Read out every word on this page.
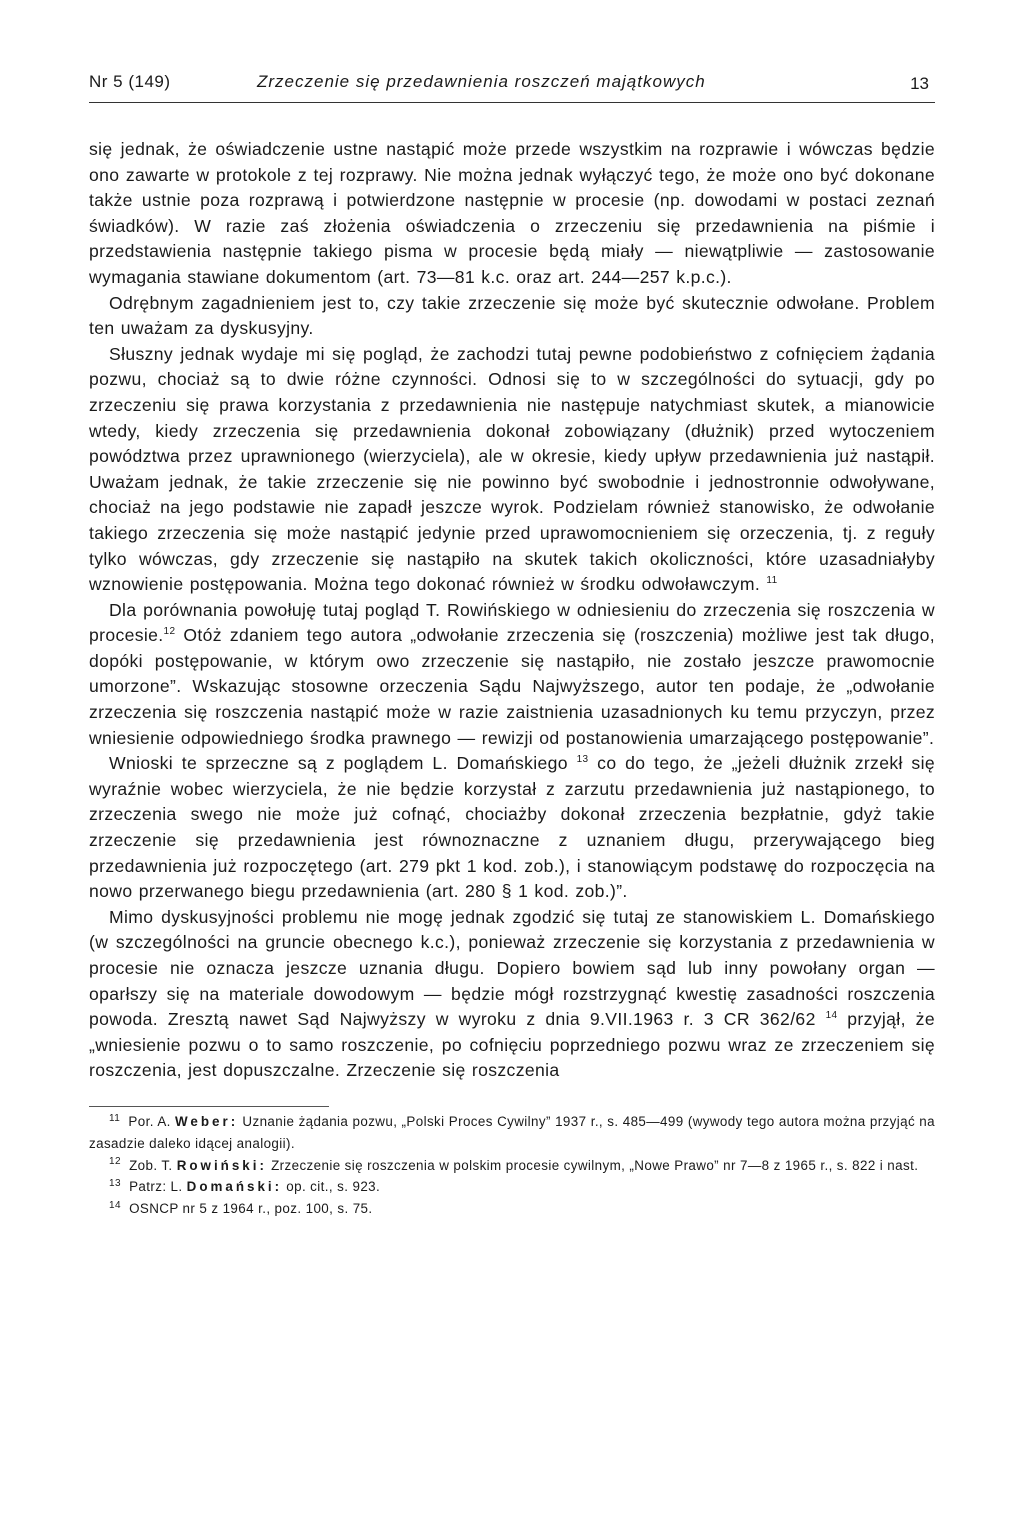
Nr 5 (149)	Zrzeczenie się przedawnienia roszczeń majątkowych	13

się jednak, że oświadczenie ustne nastąpić może przede wszystkim na rozprawie i wówczas będzie ono zawarte w protokole z tej rozprawy. Nie można jednak wyłączyć tego, że może ono być dokonane także ustnie poza rozprawą i potwierdzone następnie w procesie (np. dowodami w postaci zeznań świadków). W razie zaś złożenia oświadczenia o zrzeczeniu się przedawnienia na piśmie i przedstawienia następnie takiego pisma w procesie będą miały — niewątpliwie — zastosowanie wymagania stawiane dokumentom (art. 73—81 k.c. oraz art. 244—257 k.p.c.).

Odrębnym zagadnieniem jest to, czy takie zrzeczenie się może być skutecznie odwołane. Problem ten uważam za dyskusyjny.

Słuszny jednak wydaje mi się pogląd, że zachodzi tutaj pewne podobieństwo z cofnięciem żądania pozwu, chociaż są to dwie różne czynności. Odnosi się to w szczególności do sytuacji, gdy po zrzeczeniu się prawa korzystania z przedawnienia nie następuje natychmiast skutek, a mianowicie wtedy, kiedy zrzeczenia się przedawnienia dokonał zobowiązany (dłużnik) przed wytoczeniem powództwa przez uprawnionego (wierzyciela), ale w okresie, kiedy upływ przedawnienia już nastąpił. Uważam jednak, że takie zrzeczenie się nie powinno być swobodnie i jednostronnie odwoływane, chociaż na jego podstawie nie zapadł jeszcze wyrok. Podzielam również stanowisko, że odwołanie takiego zrzeczenia się może nastąpić jedynie przed uprawomocnieniem się orzeczenia, tj. z reguły tylko wówczas, gdy zrzeczenie się nastąpiło na skutek takich okoliczności, które uzasadniałyby wznowienie postępowania. Można tego dokonać również w środku odwoławczym. $^{11}$

Dla porównania powołuję tutaj pogląd T. Rowińskiego w odniesieniu do zrzeczenia się roszczenia w procesie.$^{12}$ Otóż zdaniem tego autora „odwołanie zrzeczenia się (roszczenia) możliwe jest tak długo, dopóki postępowanie, w którym owo zrzeczenie się nastąpiło, nie zostało jeszcze prawomocnie umorzone”. Wskazując stosowne orzeczenia Sądu Najwyższego, autor ten podaje, że „odwołanie zrzeczenia się roszczenia nastąpić może w razie zaistnienia uzasadnionych ku temu przyczyn, przez wniesienie odpowiedniego środka prawnego — rewizji od postanowienia umarzającego postępowanie”.

Wnioski te sprzeczne są z poglądem L. Domańskiego $^{13}$ co do tego, że „jeżeli dłużnik zrzekł się wyraźnie wobec wierzyciela, że nie będzie korzystał z zarzutu przedawnienia już nastąpionego, to zrzeczenia swego nie może już cofnąć, chociażby dokonał zrzeczenia bezpłatnie, gdyż takie zrzeczenie się przedawnienia jest równoznaczne z uznaniem długu, przerywającego bieg przedawnienia już rozpoczętego (art. 279 pkt 1 kod. zob.), i stanowiącym podstawę do rozpoczęcia na nowo przerwanego biegu przedawnienia (art. 280 § 1 kod. zob.)”.

Mimo dyskusyjności problemu nie mogę jednak zgodzić się tutaj ze stanowiskiem L. Domańskiego (w szczególności na gruncie obecnego k.c.), ponieważ zrzeczenie się korzystania z przedawnienia w procesie nie oznacza jeszcze uznania długu. Dopiero bowiem sąd lub inny powołany organ — oparłszy się na materiale dowodowym — będzie mógł rozstrzygnąć kwestię zasadności roszczenia powoda. Zresztą nawet Sąd Najwyższy w wyroku z dnia 9.VII.1963 r. 3 CR 362/62 $^{14}$ przyjął, że „wniesienie pozwu o to samo roszczenie, po cofnięciu poprzedniego pozwu wraz ze zrzeczeniem się roszczenia, jest dopuszczalne. Zrzeczenie się roszczenia

$^{11}$ Por. A. Weber: Uznanie żądania pozwu, „Polski Proces Cywilny” 1937 r., s. 485—499 (wywody tego autora można przyjąć na zasadzie daleko idącej analogii).

$^{12}$ Zob. T. Rowiński: Zrzeczenie się roszczenia w polskim procesie cywilnym, „Nowe Prawo” nr 7—8 z 1965 r., s. 822 i nast.

$^{13}$ Patrz: L. Domański: op. cit., s. 923.

$^{14}$ OSNCP nr 5 z 1964 r., poz. 100, s. 75.
